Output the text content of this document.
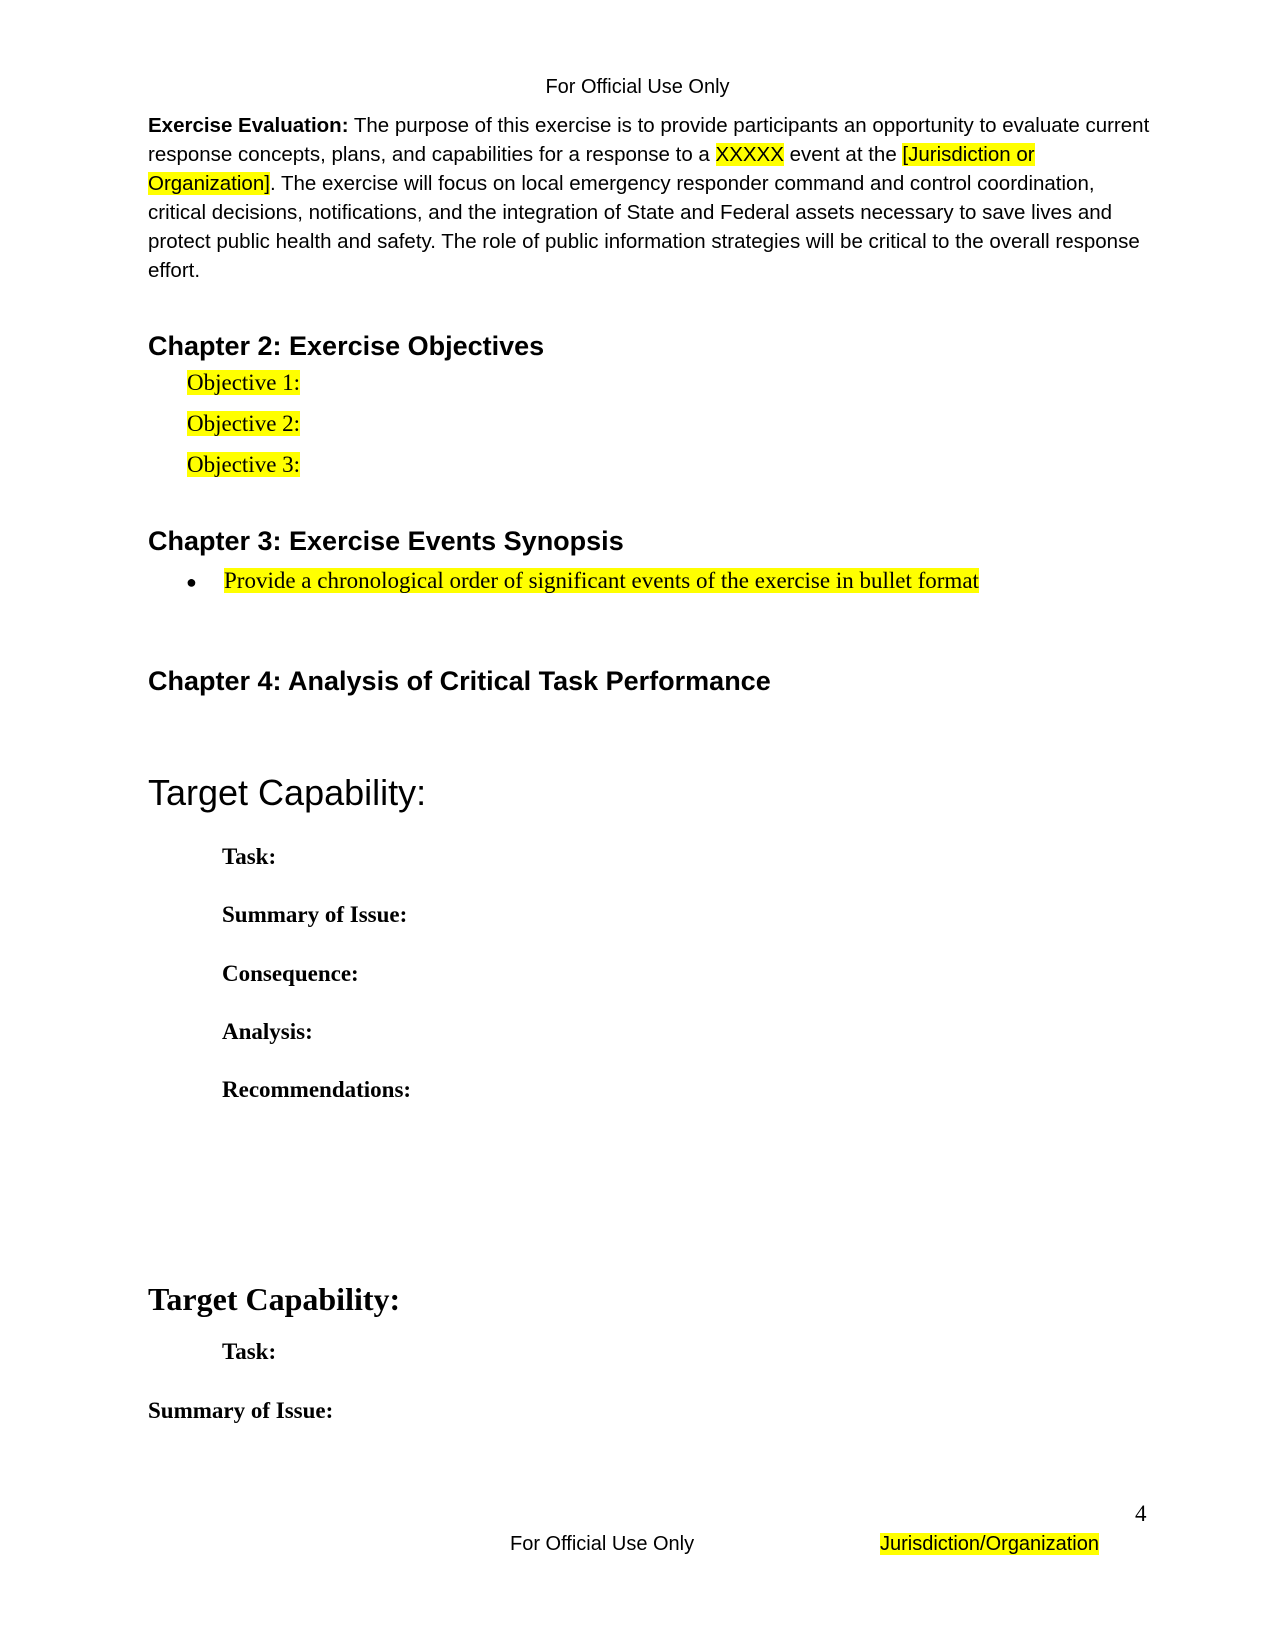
For Official Use Only
Exercise Evaluation: The purpose of this exercise is to provide participants an opportunity to evaluate current response concepts, plans, and capabilities for a response to a XXXXX event at the [Jurisdiction or Organization]. The exercise will focus on local emergency responder command and control coordination, critical decisions, notifications, and the integration of State and Federal assets necessary to save lives and protect public health and safety. The role of public information strategies will be critical to the overall response effort.
Chapter 2: Exercise Objectives
Objective 1:
Objective 2:
Objective 3:
Chapter 3: Exercise Events Synopsis
● Provide a chronological order of significant events of the exercise in bullet format
Chapter 4: Analysis of Critical Task Performance
Target Capability:
Task:
Summary of Issue:
Consequence:
Analysis:
Recommendations:
Target Capability:
Task:
Summary of Issue:
4
For Official Use Only	Jurisdiction/Organization
